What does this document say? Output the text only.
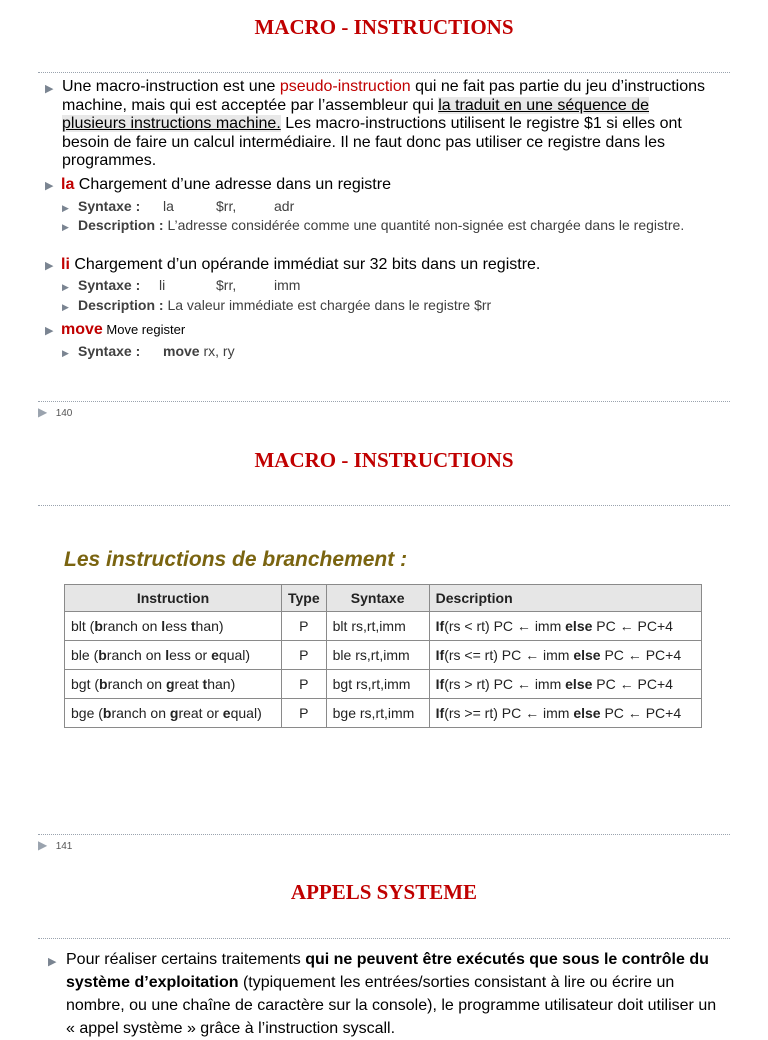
MACRO - INSTRUCTIONS
▶ Une macro-instruction est une pseudo-instruction qui ne fait pas partie du jeu d’instructions machine, mais qui est acceptée par l’assembleur qui la traduit en une séquence de plusieurs instructions machine. Les macro-instructions utilisent le registre $1 si elles ont besoin de faire un calcul intermédiaire. Il ne faut donc pas utiliser ce registre dans les programmes.
▶ la Chargement d’une adresse dans un registre
▶ Syntaxe : la	$rr,	adr
▶ Description : L’adresse considérée comme une quantité non-signée est chargée dans le registre.
▶ li Chargement d’un opérande immédiat sur 32 bits dans un registre.
▶ Syntaxe : li	$rr,	imm
▶ Description : La valeur immédiate est chargée dans le registre $rr
▶ move Move register
▶ Syntaxe : move rx, ry
▶ 140
MACRO - INSTRUCTIONS
Les instructions de branchement :
Instruction	Type	Syntaxe	Description
blt (branch on less than)	P	blt rs,rt,imm	If(rs < rt) PC ← imm else PC ← PC+4
ble (branch on less or equal)	P	ble rs,rt,imm	If(rs <= rt) PC ← imm else PC ← PC+4
bgt (branch on great than)	P	bgt rs,rt,imm	If(rs > rt) PC ← imm else PC ← PC+4
bge (branch on great or equal)	P	bge rs,rt,imm	If(rs >= rt) PC ← imm else PC ← PC+4
▶ 141
APPELS SYSTEME
▶ Pour réaliser certains traitements qui ne peuvent être exécutés que sous le contrôle du système d’exploitation (typiquement les entrées/sorties consistant à lire ou écrire un nombre, ou une chaîne de caractère sur la console), le programme utilisateur doit utiliser un « appel système » grâce à l’instruction syscall.
